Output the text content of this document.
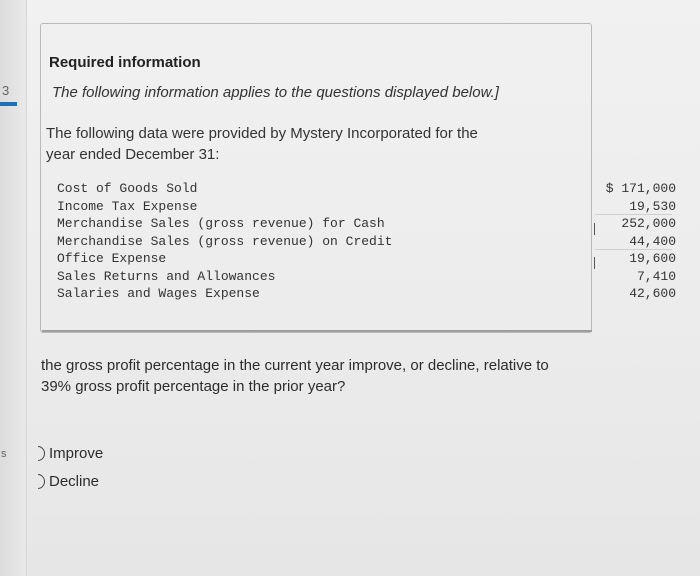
3
s
Required information
The following information applies to the questions displayed below.]
The following data were provided by Mystery Incorporated for the
year ended December 31:
Cost of Goods Sold	$ 171,000
Income Tax Expense	19,530
Merchandise Sales (gross revenue) for Cash	252,000
Merchandise Sales (gross revenue) on Credit	44,400
Office Expense	19,600
Sales Returns and Allowances	7,410
Salaries and Wages Expense	42,600
the gross profit percentage in the current year improve, or decline, relative to
39% gross profit percentage in the prior year?
Improve
Decline
